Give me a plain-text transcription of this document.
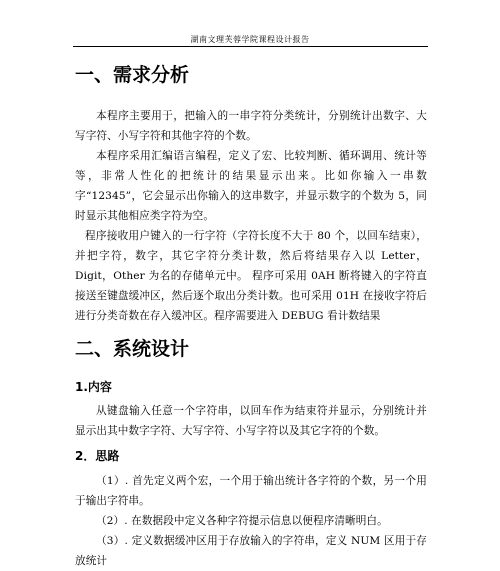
湖南文理芙蓉学院课程设计报告
一、需求分析

本程序主要用于，把输入的一串字符分类统计，分别统计出数字、大写字符、小写字符和其他字符的个数。

本程序采用汇编语言编程，定义了宏、比较判断、循环调用、统计等等，非常人性化的把统计的结果显示出来。比如你输入一串数字“12345”，它会显示出你输入的这串数字，并显示数字的个数为 5，同时显示其他相应类字符为空。

程序接收用户键入的一行字符（字符长度不大于 80 个，以回车结束），并把字符，数字，其它字符分类计数，然后将结果存入以 Letter，Digit，Other 为名的存储单元中。 程序可采用 0AH 断将键入的字符直接送至键盘缓冲区，然后逐个取出分类计数。也可采用 01H 在接收字符后进行分类奇数在存入缓冲区。程序需要进入 DEBUG 看计数结果

二、系统设计
1.内容

从键盘输入任意一个字符串，以回车作为结束符并显示，分别统计并显示出其中数字字符、大写字符、小写字符以及其它字符的个数。

2．思路

（1）. 首先定义两个宏，一个用于输出统计各字符的个数，另一个用于输出字符串。

（2）. 在数据段中定义各种字符提示信息以便程序清晰明白。

（3）. 定义数据缓冲区用于存放输入的字符串，定义 NUM 区用于存放统计
